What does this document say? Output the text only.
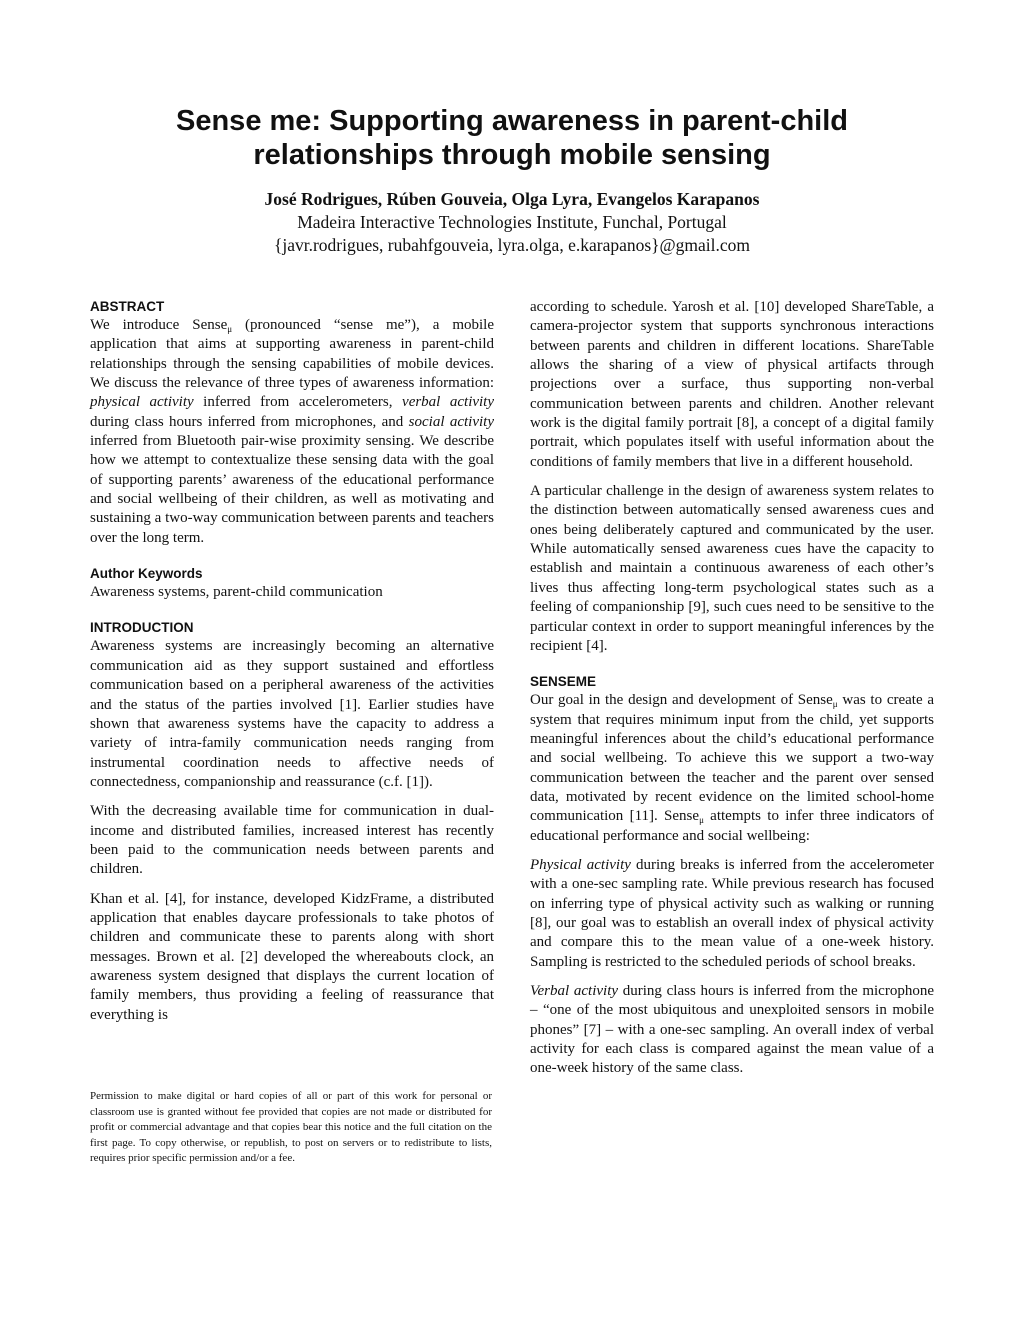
Sense me: Supporting awareness in parent-child
relationships through mobile sensing
José Rodrigues, Rúben Gouveia, Olga Lyra, Evangelos Karapanos
Madeira Interactive Technologies Institute, Funchal, Portugal
{javr.rodrigues, rubahfgouveia, lyra.olga, e.karapanos}@gmail.com
ABSTRACT

We introduce Sense$_\mu$ (pronounced “sense me”), a mobile application that aims at supporting awareness in parent-child relationships through the sensing capabilities of mobile devices. We discuss the relevance of three types of awareness information: physical activity inferred from accelerometers, verbal activity during class hours inferred from microphones, and social activity inferred from Bluetooth pair-wise proximity sensing. We describe how we attempt to contextualize these sensing data with the goal of supporting parents’ awareness of the educational performance and social wellbeing of their children, as well as motivating and sustaining a two-way communication between parents and teachers over the long term.

Author Keywords

Awareness systems, parent-child communication

INTRODUCTION

Awareness systems are increasingly becoming an alternative communication aid as they support sustained and effortless communication based on a peripheral awareness of the activities and the status of the parties involved [1]. Earlier studies have shown that awareness systems have the capacity to address a variety of intra-family communication needs ranging from instrumental coordination needs to affective needs of connectedness, companionship and reassurance (c.f. [1]).

With the decreasing available time for communication in dual-income and distributed families, increased interest has recently been paid to the communication needs between parents and children.

Khan et al. [4], for instance, developed KidzFrame, a distributed application that enables daycare professionals to take photos of children and communicate these to parents along with short messages. Brown et al. [2] developed the whereabouts clock, an awareness system designed that displays the current location of family members, thus providing a feeling of reassurance that everything is

Permission to make digital or hard copies of all or part of this work for personal or classroom use is granted without fee provided that copies are not made or distributed for profit or commercial advantage and that copies bear this notice and the full citation on the first page. To copy otherwise, or republish, to post on servers or to redistribute to lists, requires prior specific permission and/or a fee.

according to schedule. Yarosh et al. [10] developed ShareTable, a camera-projector system that supports synchronous interactions between parents and children in different locations. ShareTable allows the sharing of a view of physical artifacts through projections over a surface, thus supporting non-verbal communication between parents and children. Another relevant work is the digital family portrait [8], a concept of a digital family portrait, which populates itself with useful information about the conditions of family members that live in a different household.

A particular challenge in the design of awareness system relates to the distinction between automatically sensed awareness cues and ones being deliberately captured and communicated by the user. While automatically sensed awareness cues have the capacity to establish and maintain a continuous awareness of each other’s lives thus affecting long-term psychological states such as a feeling of companionship [9], such cues need to be sensitive to the particular context in order to support meaningful inferences by the recipient [4].

SENSEME

Our goal in the design and development of Sense$_\mu$ was to create a system that requires minimum input from the child, yet supports meaningful inferences about the child’s educational performance and social wellbeing. To achieve this we support a two-way communication between the teacher and the parent over sensed data, motivated by recent evidence on the limited school-home communication [11]. Sense$_\mu$ attempts to infer three indicators of educational performance and social wellbeing:

Physical activity during breaks is inferred from the accelerometer with a one-sec sampling rate. While previous research has focused on inferring type of physical activity such as walking or running [8], our goal was to establish an overall index of physical activity and compare this to the mean value of a one-week history. Sampling is restricted to the scheduled periods of school breaks.

Verbal activity during class hours is inferred from the microphone – “one of the most ubiquitous and unexploited sensors in mobile phones” [7] – with a one-sec sampling. An overall index of verbal activity for each class is compared against the mean value of a one-week history of the same class.
